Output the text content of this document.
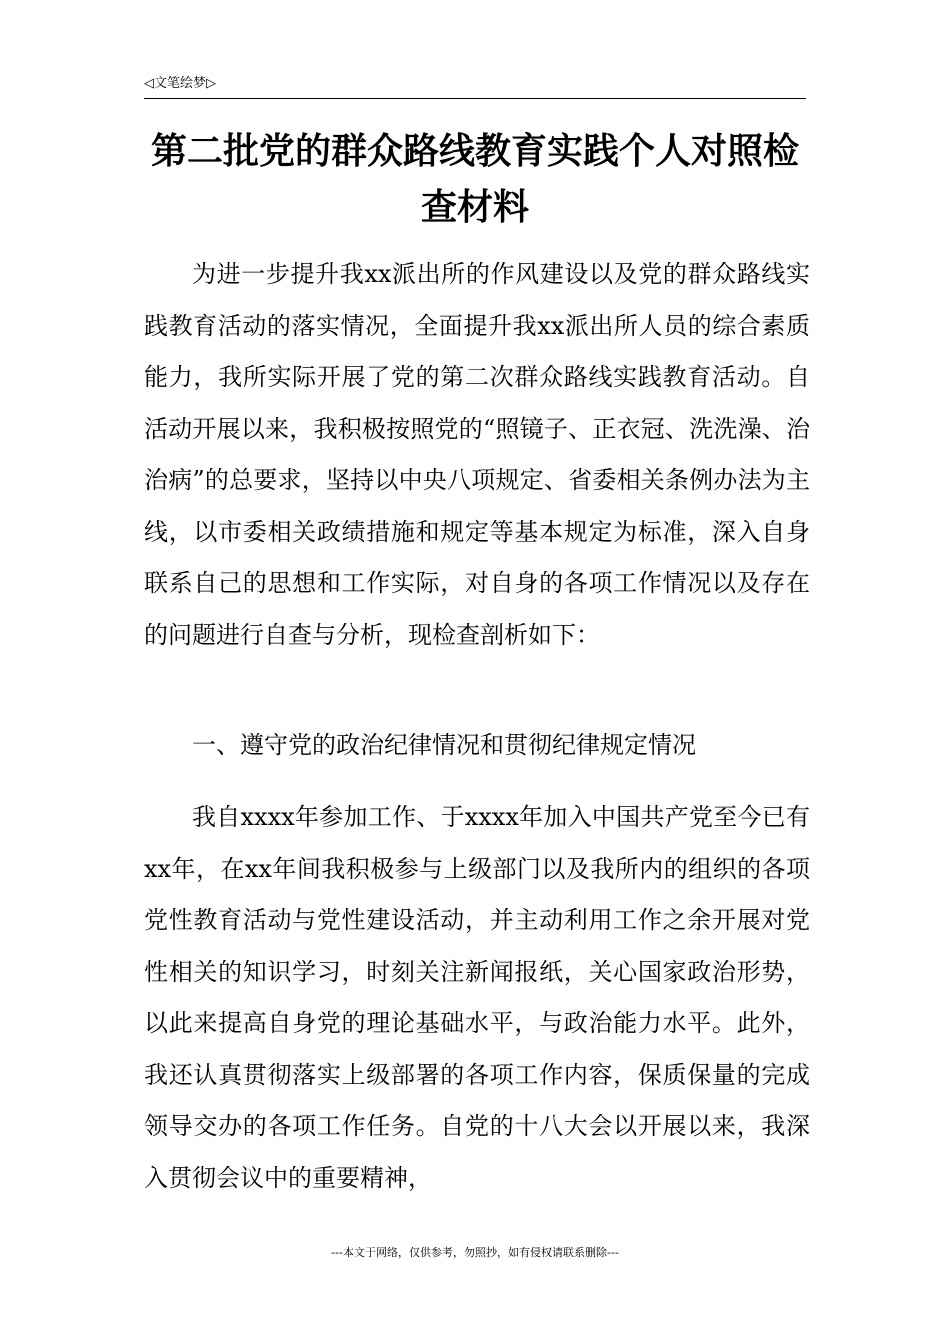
◁文笔绘梦▷
第二批党的群众路线教育实践个人对照检查材料

为进一步提升我xx派出所的作风建设以及党的群众路线实践教育活动的落实情况，全面提升我xx派出所人员的综合素质能力，我所实际开展了党的第二次群众路线实践教育活动。自活动开展以来，我积极按照党的“照镜子、正衣冠、洗洗澡、治治病”的总要求，坚持以中央八项规定、省委相关条例办法为主线，以市委相关政绩措施和规定等基本规定为标准，深入自身联系自己的思想和工作实际，对自身的各项工作情况以及存在的问题进行自查与分析，现检查剖析如下：

一、遵守党的政治纪律情况和贯彻纪律规定情况

我自xxxx年参加工作、于xxxx年加入中国共产党至今已有xx年，在xx年间我积极参与上级部门以及我所内的组织的各项党性教育活动与党性建设活动，并主动利用工作之余开展对党性相关的知识学习，时刻关注新闻报纸，关心国家政治形势，以此来提高自身党的理论基础水平，与政治能力水平。此外，我还认真贯彻落实上级部署的各项工作内容，保质保量的完成领导交办的各项工作任务。自党的十八大会以开展以来，我深入贯彻会议中的重要精神，

---本文于网络，仅供参考，勿照抄，如有侵权请联系删除---
